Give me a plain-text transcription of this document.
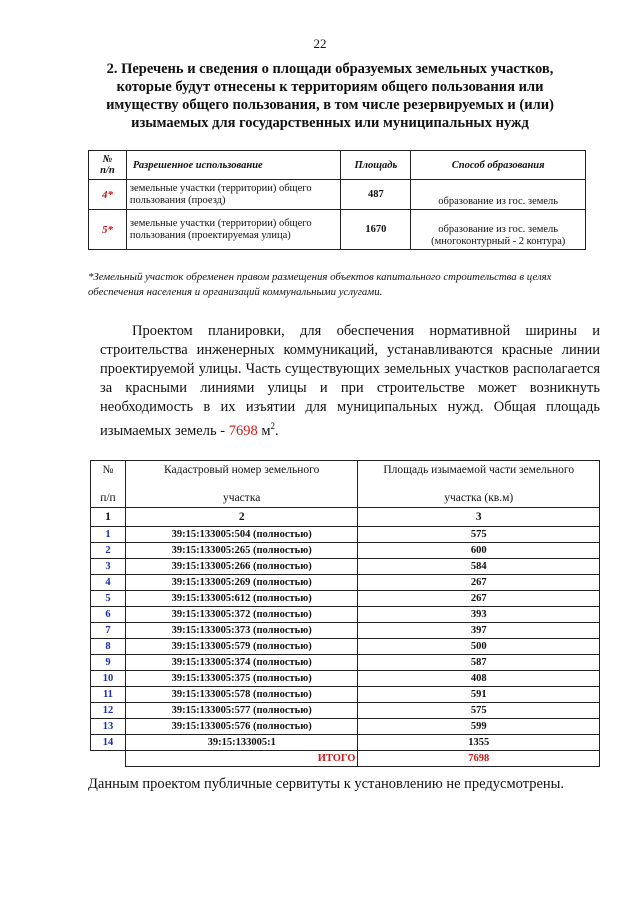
22
2. Перечень и сведения о площади образуемых земельных участков, которые будут отнесены к территориям общего пользования или имуществу общего пользования, в том числе резервируемых и (или) изымаемых для государственных или муниципальных нужд
№
п/п	Разрешенное использование	Площадь	Способ образования
4*	земельные участки (территории) общего пользования (проезд)	487	образование из гос. земель
5*	земельные участки (территории) общего пользования (проектируемая улица)	1670	образование из гос. земель (многоконтурный - 2 контура)
*Земельный участок обременен правом размещения объектов капитального строительства в целях обеспечения населения и организаций коммунальными услугами.
Проектом планировки, для обеспечения нормативной ширины и строительства инженерных коммуникаций, устанавливаются красные линии проектируемой улицы. Часть существующих земельных участков располагается за красными линиями улицы и при строительстве может возникнуть необходимость в их изъятии для муниципальных нужд. Общая площадь изымаемых земель - 7698 $м^2$.
№
п/п	Кадастровый номер земельного
участка	Площадь изымаемой части земельного
участка (кв.м)

1	2	3
1	39:15:133005:504 (полностью)	575
2	39:15:133005:265 (полностью)	600
3	39:15:133005:266 (полностью)	584
4	39:15:133005:269 (полностью)	267
5	39:15:133005:612 (полностью)	267
6	39:15:133005:372 (полностью)	393
7	39:15:133005:373 (полностью)	397
8	39:15:133005:579 (полностью)	500
9	39:15:133005:374 (полностью)	587
10	39:15:133005:375 (полностью)	408
11	39:15:133005:578 (полностью)	591
12	39:15:133005:577 (полностью)	575
13	39:15:133005:576 (полностью)	599
14	39:15:133005:1	1355
	ИТОГО	7698
Данным проектом публичные сервитуты к установлению не предусмотрены.
